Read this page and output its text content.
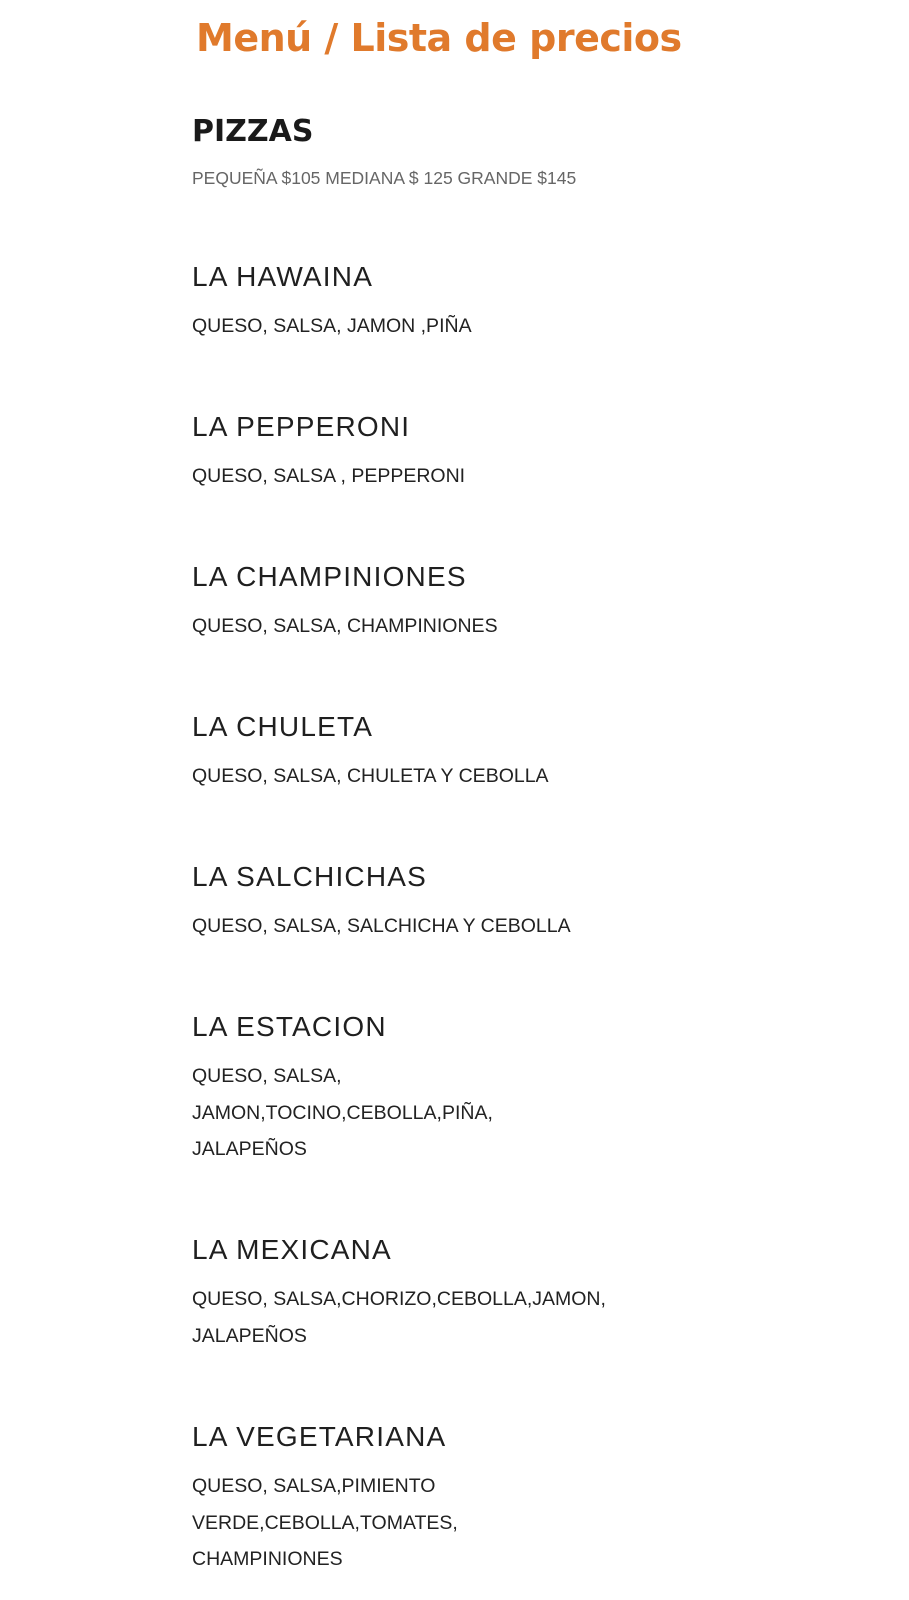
Menú / Lista de precios
PIZZAS

PEQUEÑA $105 MEDIANA $ 125 GRANDE $145

LA HAWAINA

QUESO, SALSA, JAMON ,PIÑA

LA PEPPERONI

QUESO, SALSA , PEPPERONI

LA CHAMPINIONES

QUESO, SALSA, CHAMPINIONES

LA CHULETA

QUESO, SALSA, CHULETA Y CEBOLLA

LA SALCHICHAS

QUESO, SALSA, SALCHICHA Y CEBOLLA

LA ESTACION

QUESO, SALSA, JAMON,TOCINO,CEBOLLA,PIÑA, JALAPEÑOS

LA MEXICANA

QUESO, SALSA,CHORIZO,CEBOLLA,JAMON, JALAPEÑOS

LA VEGETARIANA

QUESO, SALSA,PIMIENTO VERDE,CEBOLLA,TOMATES, CHAMPINIONES
